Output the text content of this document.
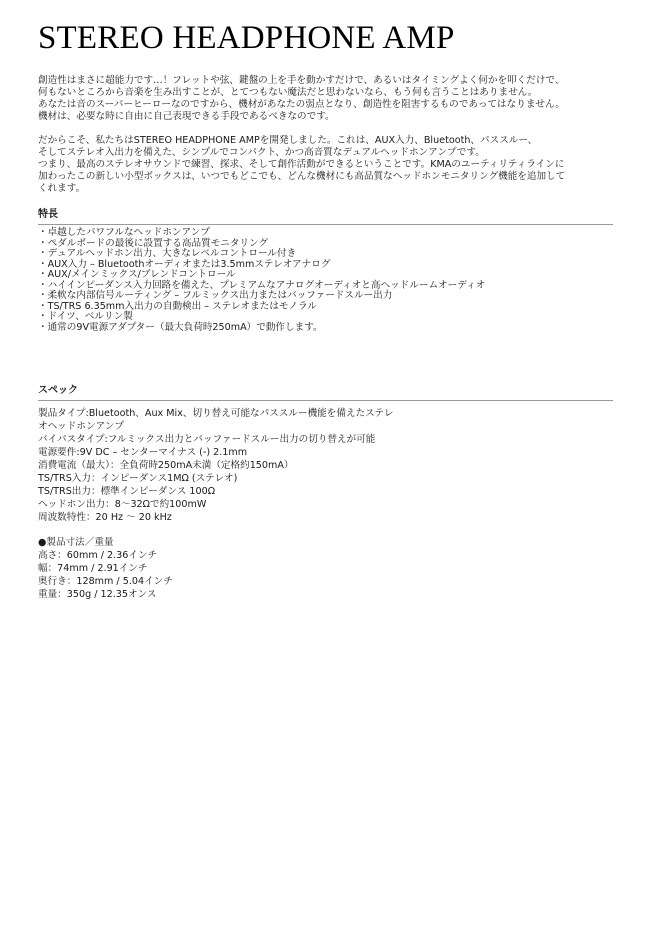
STEREO HEADPHONE AMP

創造性はまさに超能力です…！フレットや弦、鍵盤の上を手を動かすだけで、あるいはタイミングよく何かを叩くだけで、
何もないところから音楽を生み出すことが、とてつもない魔法だと思わないなら、もう何も言うことはありません。
あなたは音のスーパーヒーローなのですから、機材があなたの弱点となり、創造性を阻害するものであってはなりません。
機材は、必要な時に自由に自己表現できる手段であるべきなのです。

だからこそ、私たちはSTEREO HEADPHONE AMPを開発しました。これは、AUX入力、Bluetooth、パススルー、
そしてステレオ入出力を備えた、シンプルでコンパクト、かつ高音質なデュアルヘッドホンアンプです。
つまり、最高のステレオサウンドで練習、探求、そして創作活動ができるということです。KMAのユーティリティラインに
加わったこの新しい小型ボックスは、いつでもどこでも、どんな機材にも高品質なヘッドホンモニタリング機能を追加して
くれます。

特長
・卓越したパワフルなヘッドホンアンプ
・ペダルボードの最後に設置する高品質モニタリング
・デュアルヘッドホン出力、大きなレベルコントロール付き
・AUX入力 – Bluetoothオーディオまたは3.5mmステレオアナログ
・AUX/メインミックス/ブレンドコントロール
・ハイインピーダンス入力回路を備えた、プレミアムなアナログオーディオと高ヘッドルームオーディオ
・柔軟な内部信号ルーティング – フルミックス出力またはバッファードスルー出力
・TS/TRS 6.35mm入出力の自動検出 – ステレオまたはモノラル
・ドイツ、ベルリン製
・通常の9V電源アダプター（最大負荷時250mA）で動作します。
スペック
製品タイプ:Bluetooth、Aux Mix、切り替え可能なパススルー機能を備えたステレ
オヘッドホンアンプ
バイパスタイプ:フルミックス出力とバッファードスルー出力の切り替えが可能
電源要件:9V DC – センターマイナス (-) 2.1mm
消費電流（最大）：全負荷時250mA未満（定格約150mA）
TS/TRS入力：インピーダンス1MΩ (ステレオ)
TS/TRS出力：標準インピーダンス 100Ω
ヘッドホン出力：8～32Ωで約100mW
周波数特性：20 Hz ～ 20 kHz
●製品寸法／重量
高さ：60mm / 2.36インチ
幅：74mm / 2.91インチ
奥行き：128mm / 5.04インチ
重量：350g / 12.35オンス
